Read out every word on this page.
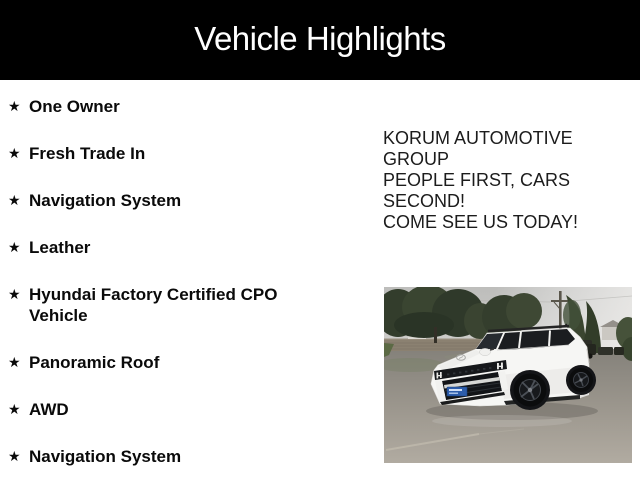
Vehicle Highlights
★ One Owner
★ Fresh Trade In
★ Navigation System
★ Leather
★ Hyundai Factory Certified CPO Vehicle
★ Panoramic Roof
★ AWD
★ Navigation System

KORUM AUTOMOTIVE GROUP

PEOPLE FIRST, CARS SECOND!

COME SEE US TODAY!
